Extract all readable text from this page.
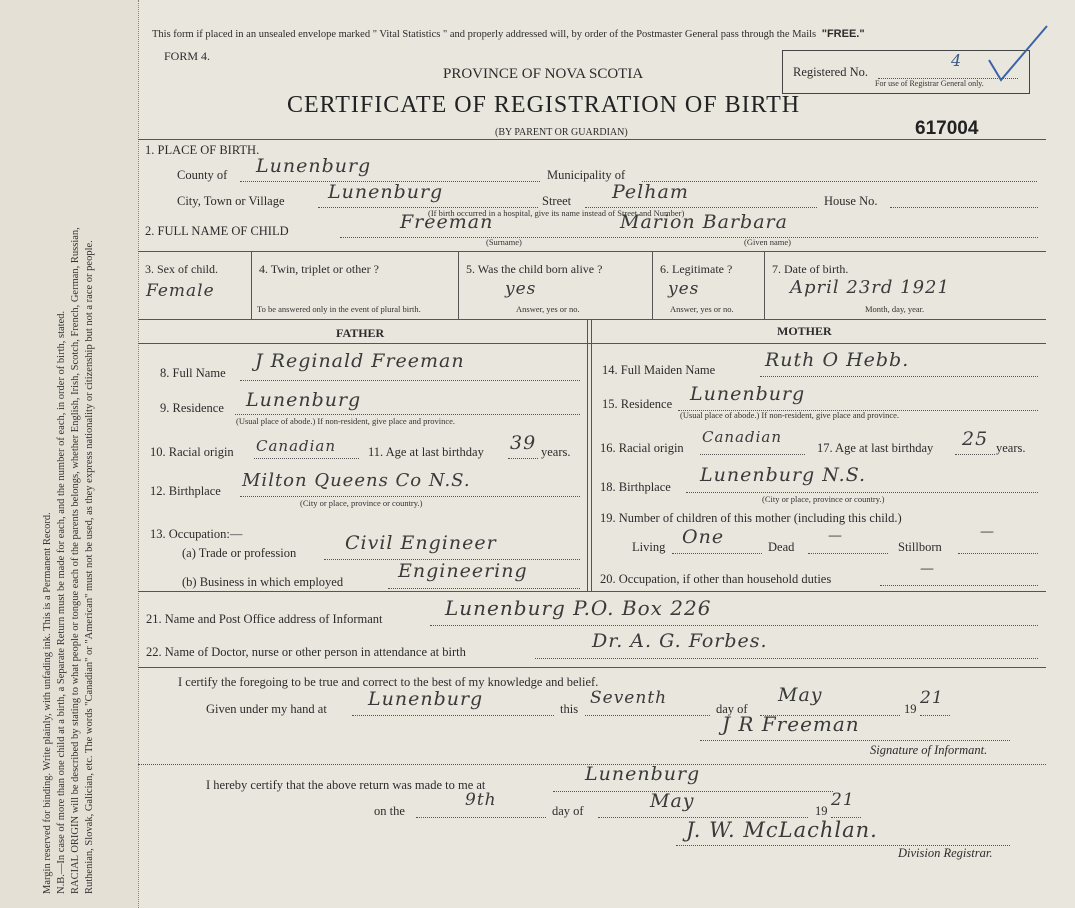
Margin reserved for binding. Write plainly, with unfading ink. This is a Permanent Record. N.B.—In case of more than one child at a birth, a Separate Return must be made for each, and the number of each, in order of birth, stated. RACIAL ORIGIN will be described by stating to what people or tongue each of the parents belongs, whether English, Irish, Scotch, French, German, Russian, Ruthenian, Slovak, Galician, etc. The words "Canadian" or "American" must not be used, as they express nationality or citizenship but not a race or people.

This form if placed in an unsealed envelope marked " Vital Statistics " and properly addressed will, by order of the Postmaster General pass through the Mails "FREE."
FORM 4.
PROVINCE OF NOVA SCOTIA
CERTIFICATE OF REGISTRATION OF BIRTH
(BY PARENT OR GUARDIAN)	617004
Registered No.
4
For use of Registrar General only.
1. PLACE OF BIRTH.
County of Lunenburg	Municipality of
City, Town or Village Lunenburg	Street Pelham	House No.
(If birth occurred in a hospital, give its name instead of Street and Number)
2. FULL NAME OF CHILD	Freeman	Marion Barbara
(Surname)	(Given name)
3. Sex of child.
Female
4. Twin, triplet or other ?
To be answered only in the event of plural birth.
5. Was the child born alive ?
yes
Answer, yes or no.
6. Legitimate ?
yes
Answer, yes or no.
7. Date of birth.
April 23rd 1921
Month, day, year.
FATHER	MOTHER
8. Full Name
J Reginald Freeman
9. Residence Lunenburg
(Usual place of abode.) If non-resident, give place and province.
10. Racial origin Canadian	11. Age at last birthday 39 years.
12. Birthplace Milton Queens Co N.S.
(City or place, province or country.)
13. Occupation:—
(a) Trade or profession	Civil Engineer
(b) Business in which employed	Engineering
14. Full Maiden Name	Ruth O Hebb.
15. Residence Lunenburg
(Usual place of abode.) If non-resident, give place and province.
16. Racial origin
Canadian
17. Age at last birthday 25 years.
18. Birthplace
Lunenburg N.S.
(City or place, province or country.)
19. Number of children of this mother (including this child.)
Living One	Dead
—
Stillborn
—
20. Occupation, if other than household duties
—
21. Name and Post Office address of Informant	Lunenburg P.O. Box 226
22. Name of Doctor, nurse or other person in attendance at birth	Dr. A. G. Forbes.
I certify the foregoing to be true and correct to the best of my knowledge and belief.
Given under my hand at Lunenburg	this
Seventh
day of
May
19
21
J R Freeman
Signature of Informant.
I hereby certify that the above return was made to me at	Lunenburg
on the
9th
day of	May	19
21
J. W. McLachlan.
Division Registrar.
